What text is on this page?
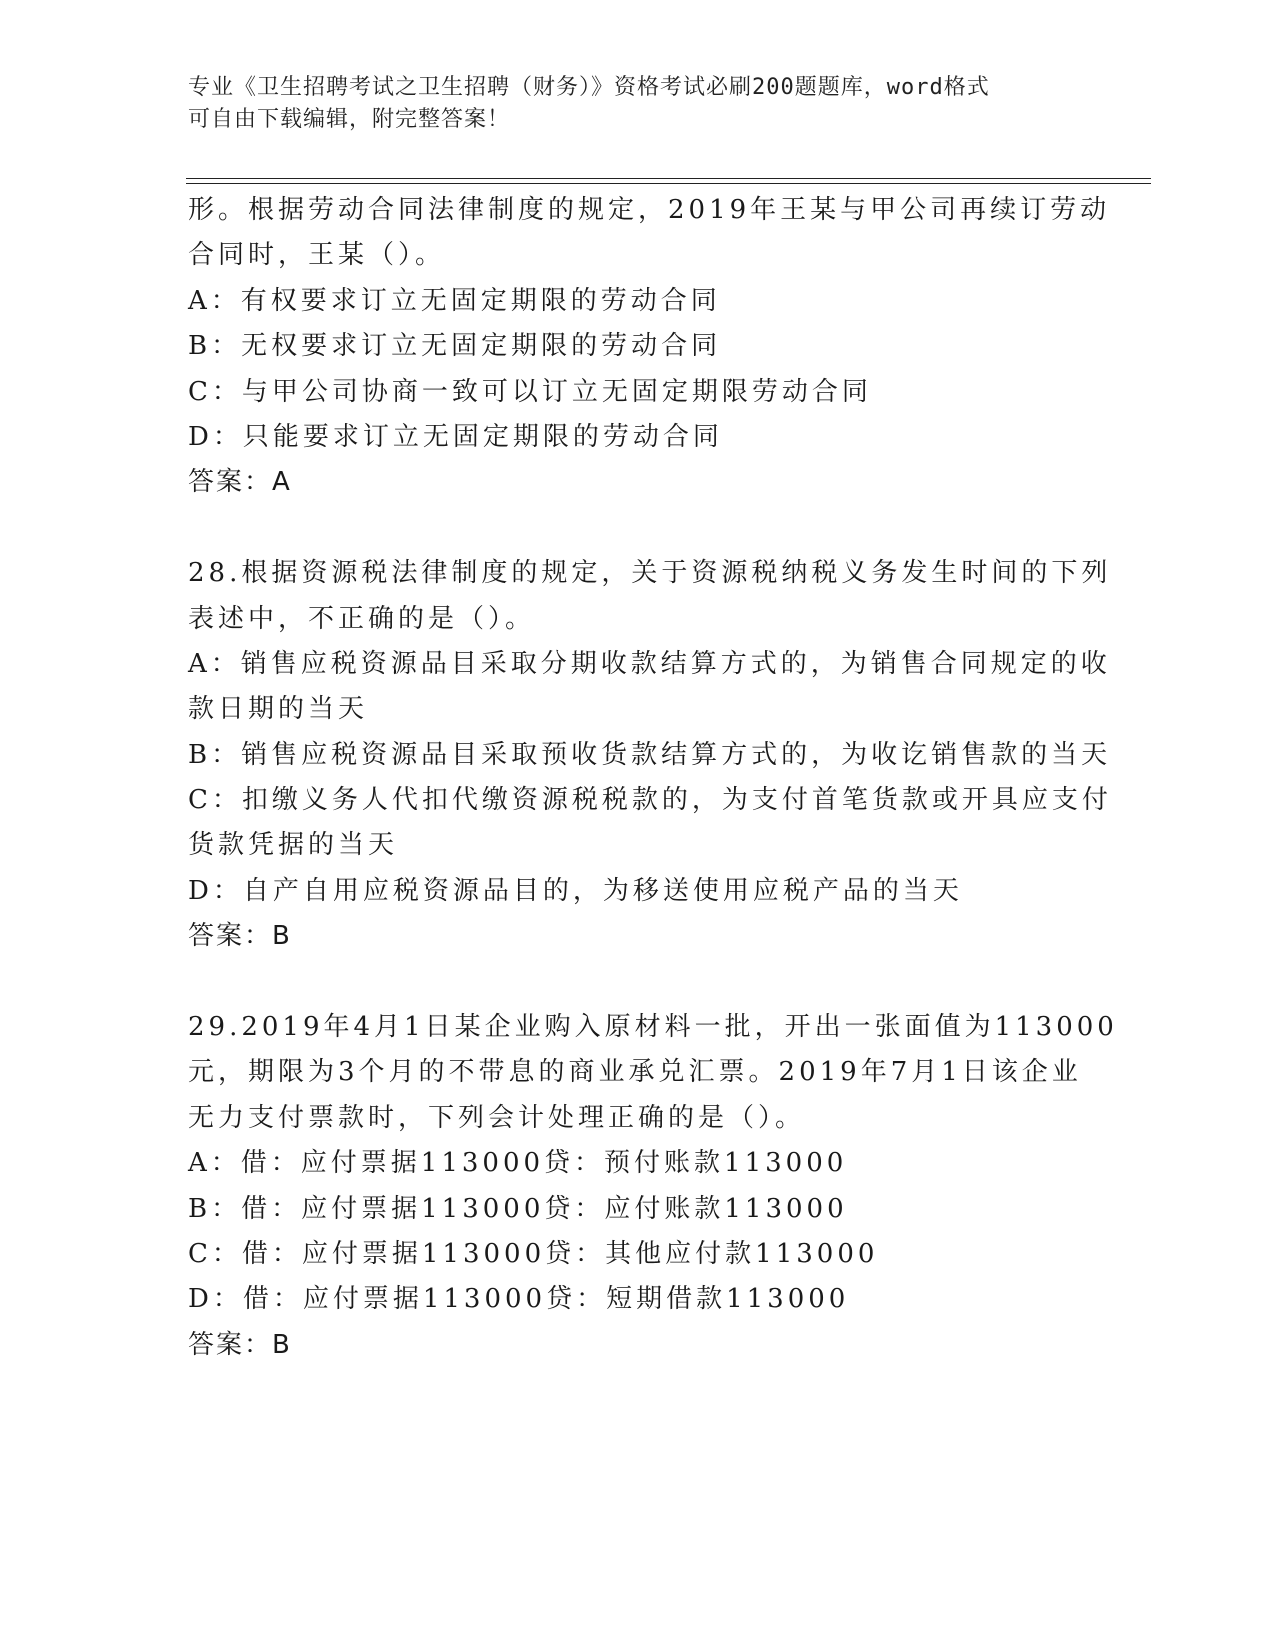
专业《卫生招聘考试之卫生招聘（财务）》资格考试必刷200题题库，word格式
可自由下载编辑，附完整答案！
形。根据劳动合同法律制度的规定，2019年王某与甲公司再续订劳动
合同时，王某（）。
A：有权要求订立无固定期限的劳动合同
B：无权要求订立无固定期限的劳动合同
C：与甲公司协商一致可以订立无固定期限劳动合同
D：只能要求订立无固定期限的劳动合同
答案：A
28.根据资源税法律制度的规定，关于资源税纳税义务发生时间的下列
表述中，不正确的是（）。
A：销售应税资源品目采取分期收款结算方式的，为销售合同规定的收
款日期的当天
B：销售应税资源品目采取预收货款结算方式的，为收讫销售款的当天
C：扣缴义务人代扣代缴资源税税款的，为支付首笔货款或开具应支付
货款凭据的当天
D：自产自用应税资源品目的，为移送使用应税产品的当天
答案：B
29.2019年4月1日某企业购入原材料一批，开出一张面值为113000
元，期限为3个月的不带息的商业承兑汇票。2019年7月1日该企业
无力支付票款时，下列会计处理正确的是（）。
A：借：应付票据113000贷：预付账款113000
B：借：应付票据113000贷：应付账款113000
C：借：应付票据113000贷：其他应付款113000
D：借：应付票据113000贷：短期借款113000
答案：B
